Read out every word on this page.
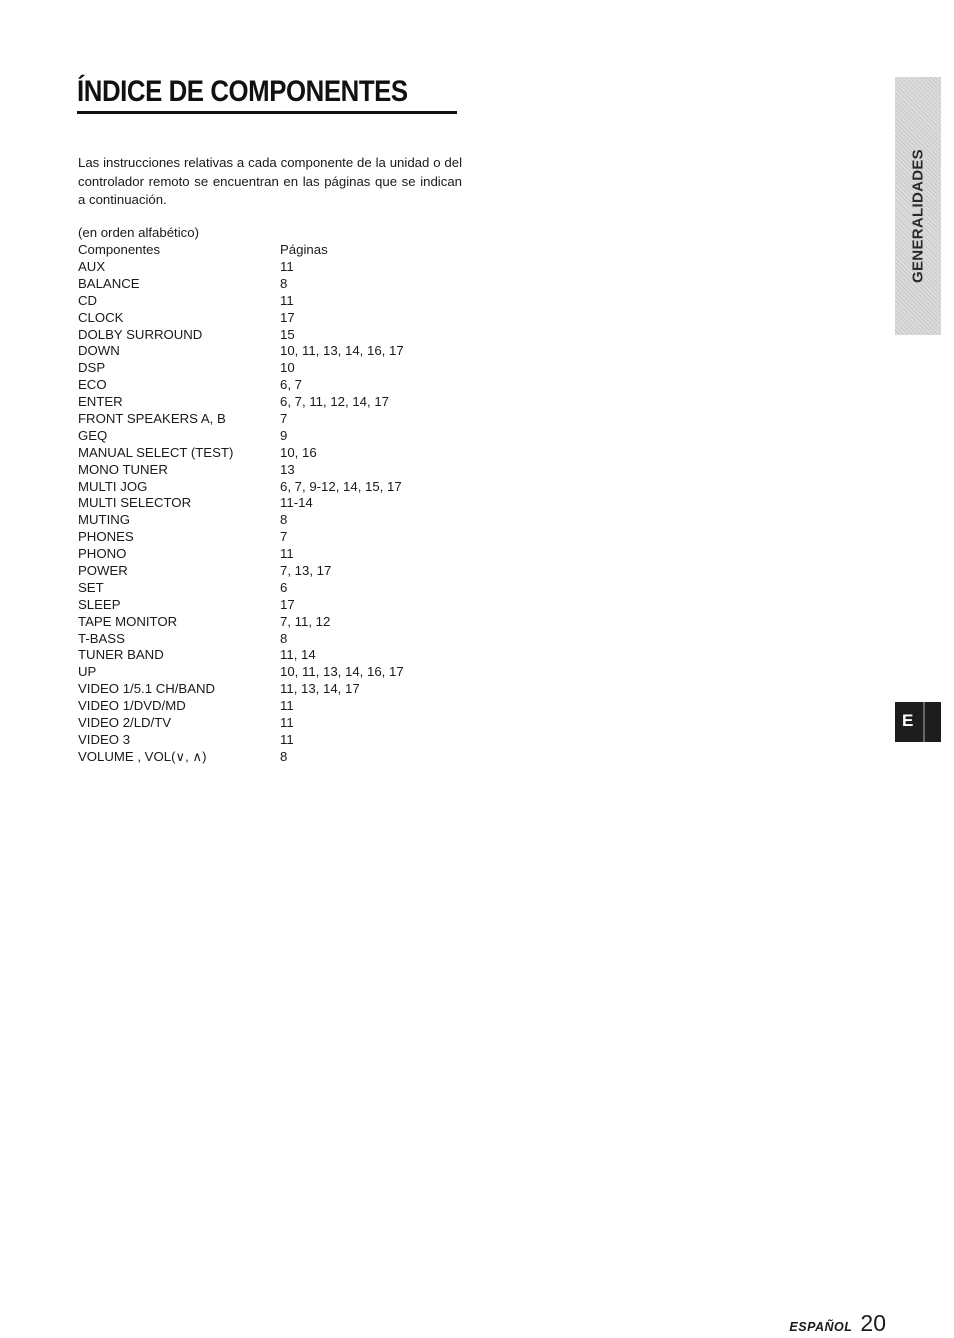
ÍNDICE DE COMPONENTES

Las instrucciones relativas a cada componente de la unidad o del controlador remoto se encuentran en las páginas que se indican a continuación.

(en orden alfabético)
Componentes	Páginas
AUX	11
BALANCE	8
CD	11
CLOCK	17
DOLBY SURROUND	15
DOWN	10, 11, 13, 14, 16, 17
DSP	10
ECO	6, 7
ENTER	6, 7, 11, 12, 14, 17
FRONT SPEAKERS A, B	7
GEQ	9
MANUAL SELECT (TEST)	10, 16
MONO TUNER	13
MULTI JOG	6, 7, 9-12, 14, 15, 17
MULTI SELECTOR	11-14
MUTING	8
PHONES	7
PHONO	11
POWER	7, 13, 17
SET	6
SLEEP	17
TAPE MONITOR	7, 11, 12
T-BASS	8
TUNER BAND	11, 14
UP	10, 11, 13, 14, 16, 17
VIDEO 1/5.1 CH/BAND	11, 13, 14, 17
VIDEO 1/DVD/MD	11
VIDEO 2/LD/TV	11
VIDEO 3	11
VOLUME , VOL(∨, ∧)	8
GENERALIDADES
E
ESPAÑOL 20
